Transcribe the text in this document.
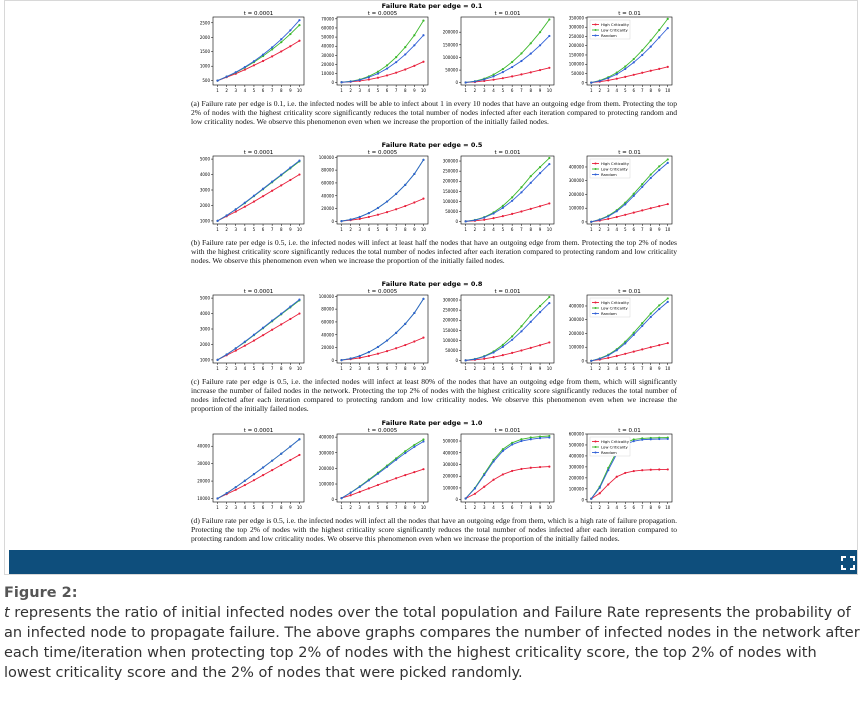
Failure Rate per edge = 0.1
(a) Failure rate per edge is 0.1, i.e. the infected nodes will be able to infect about 1 in every 10 nodes that have an outgoing edge from them. Protecting the top 2% of nodes with the highest criticality score significantly reduces the total number of nodes infected after each iteration compared to protecting random and low criticality nodes. We observe this phenomenon even when we increase the proportion of the initially failed nodes.
Failure Rate per edge = 0.5
(b) Failure rate per edge is 0.5, i.e. the infected nodes will infect at least half the nodes that have an outgoing edge from them. Protecting the top 2% of nodes with the highest criticality score significantly reduces the total number of nodes infected after each iteration compared to protecting random and low criticality nodes. We observe this phenomenon even when we increase the proportion of the initially failed nodes.
Failure Rate per edge = 0.8
(c) Failure rate per edge is 0.5, i.e. the infected nodes will infect at least 80% of the nodes that have an outgoing edge from them, which will significantly increase the number of failed nodes in the network. Protecting the top 2% of nodes with the highest criticality score significantly reduces the total number of nodes infected after each iteration compared to protecting random and low criticality nodes. We observe this phenomenon even when we increase the proportion of the initially failed nodes.
Failure Rate per edge = 1.0
(d) Failure rate per edge is 0.5, i.e. the infected nodes will infect all the nodes that have an outgoing edge from them, which is a high rate of failure propagation. Protecting the top 2% of nodes with the highest criticality score significantly reduces the total number of nodes infected after each iteration compared to protecting random and low criticality nodes. We observe this phenomenon even when we increase the proportion of the initially failed nodes.
t = 0.0001
500
1000
1500
2000
2500
1 2 3 4 5 6 7 8 9 10
t = 0.0005
0
10000
20000
30000
40000
50000
60000
70000
1 2 3 4 5 6 7 8 9 10
t = 0.001
0
50000
100000
150000
200000
1 2 3 4 5 6 7 8 9 10
t = 0.01
0
50000
100000
150000
200000
250000
300000
350000
1 2 3 4 5 6 7 8 9 10
High Criticality
Low Criticality
Random
t = 0.0001
1000
2000
3000
4000
5000
1 2 3 4 5 6 7 8 9 10
t = 0.0005
0
20000
40000
60000
80000
100000
1 2 3 4 5 6 7 8 9 10
t = 0.001
0
50000
100000
150000
200000
250000
300000
1 2 3 4 5 6 7 8 9 10
t = 0.01
0
100000
200000
300000
400000
1 2 3 4 5 6 7 8 9 10
High Criticality
Low Criticality
Random
t = 0.0001
1000
2000
3000
4000
5000
1 2 3 4 5 6 7 8 9 10
t = 0.0005
0
20000
40000
60000
80000
100000
1 2 3 4 5 6 7 8 9 10
t = 0.001
0
50000
100000
150000
200000
250000
300000
1 2 3 4 5 6 7 8 9 10
t = 0.01
0
100000
200000
300000
400000
1 2 3 4 5 6 7 8 9 10
High Criticality
Low Criticality
Random
t = 0.0001
10000
20000
30000
40000
1 2 3 4 5 6 7 8 9 10
t = 0.0005
0
100000
200000
300000
400000
1 2 3 4 5 6 7 8 9 10
t = 0.001
0
100000
200000
300000
400000
500000
1 2 3 4 5 6 7 8 9 10
t = 0.01
0
100000
200000
300000
400000
500000
600000
1 2 3 4 5 6 7 8 9 10
High Criticality
Low Criticality
Random
Figure 2:
t represents the ratio of initial infected nodes over the total population and Failure Rate represents the probability of an infected node to propagate failure. The above graphs compares the number of infected nodes in the network after each time/iteration when protecting top 2% of nodes with the highest criticality score, the top 2% of nodes with lowest criticality score and the 2% of nodes that were picked randomly.
